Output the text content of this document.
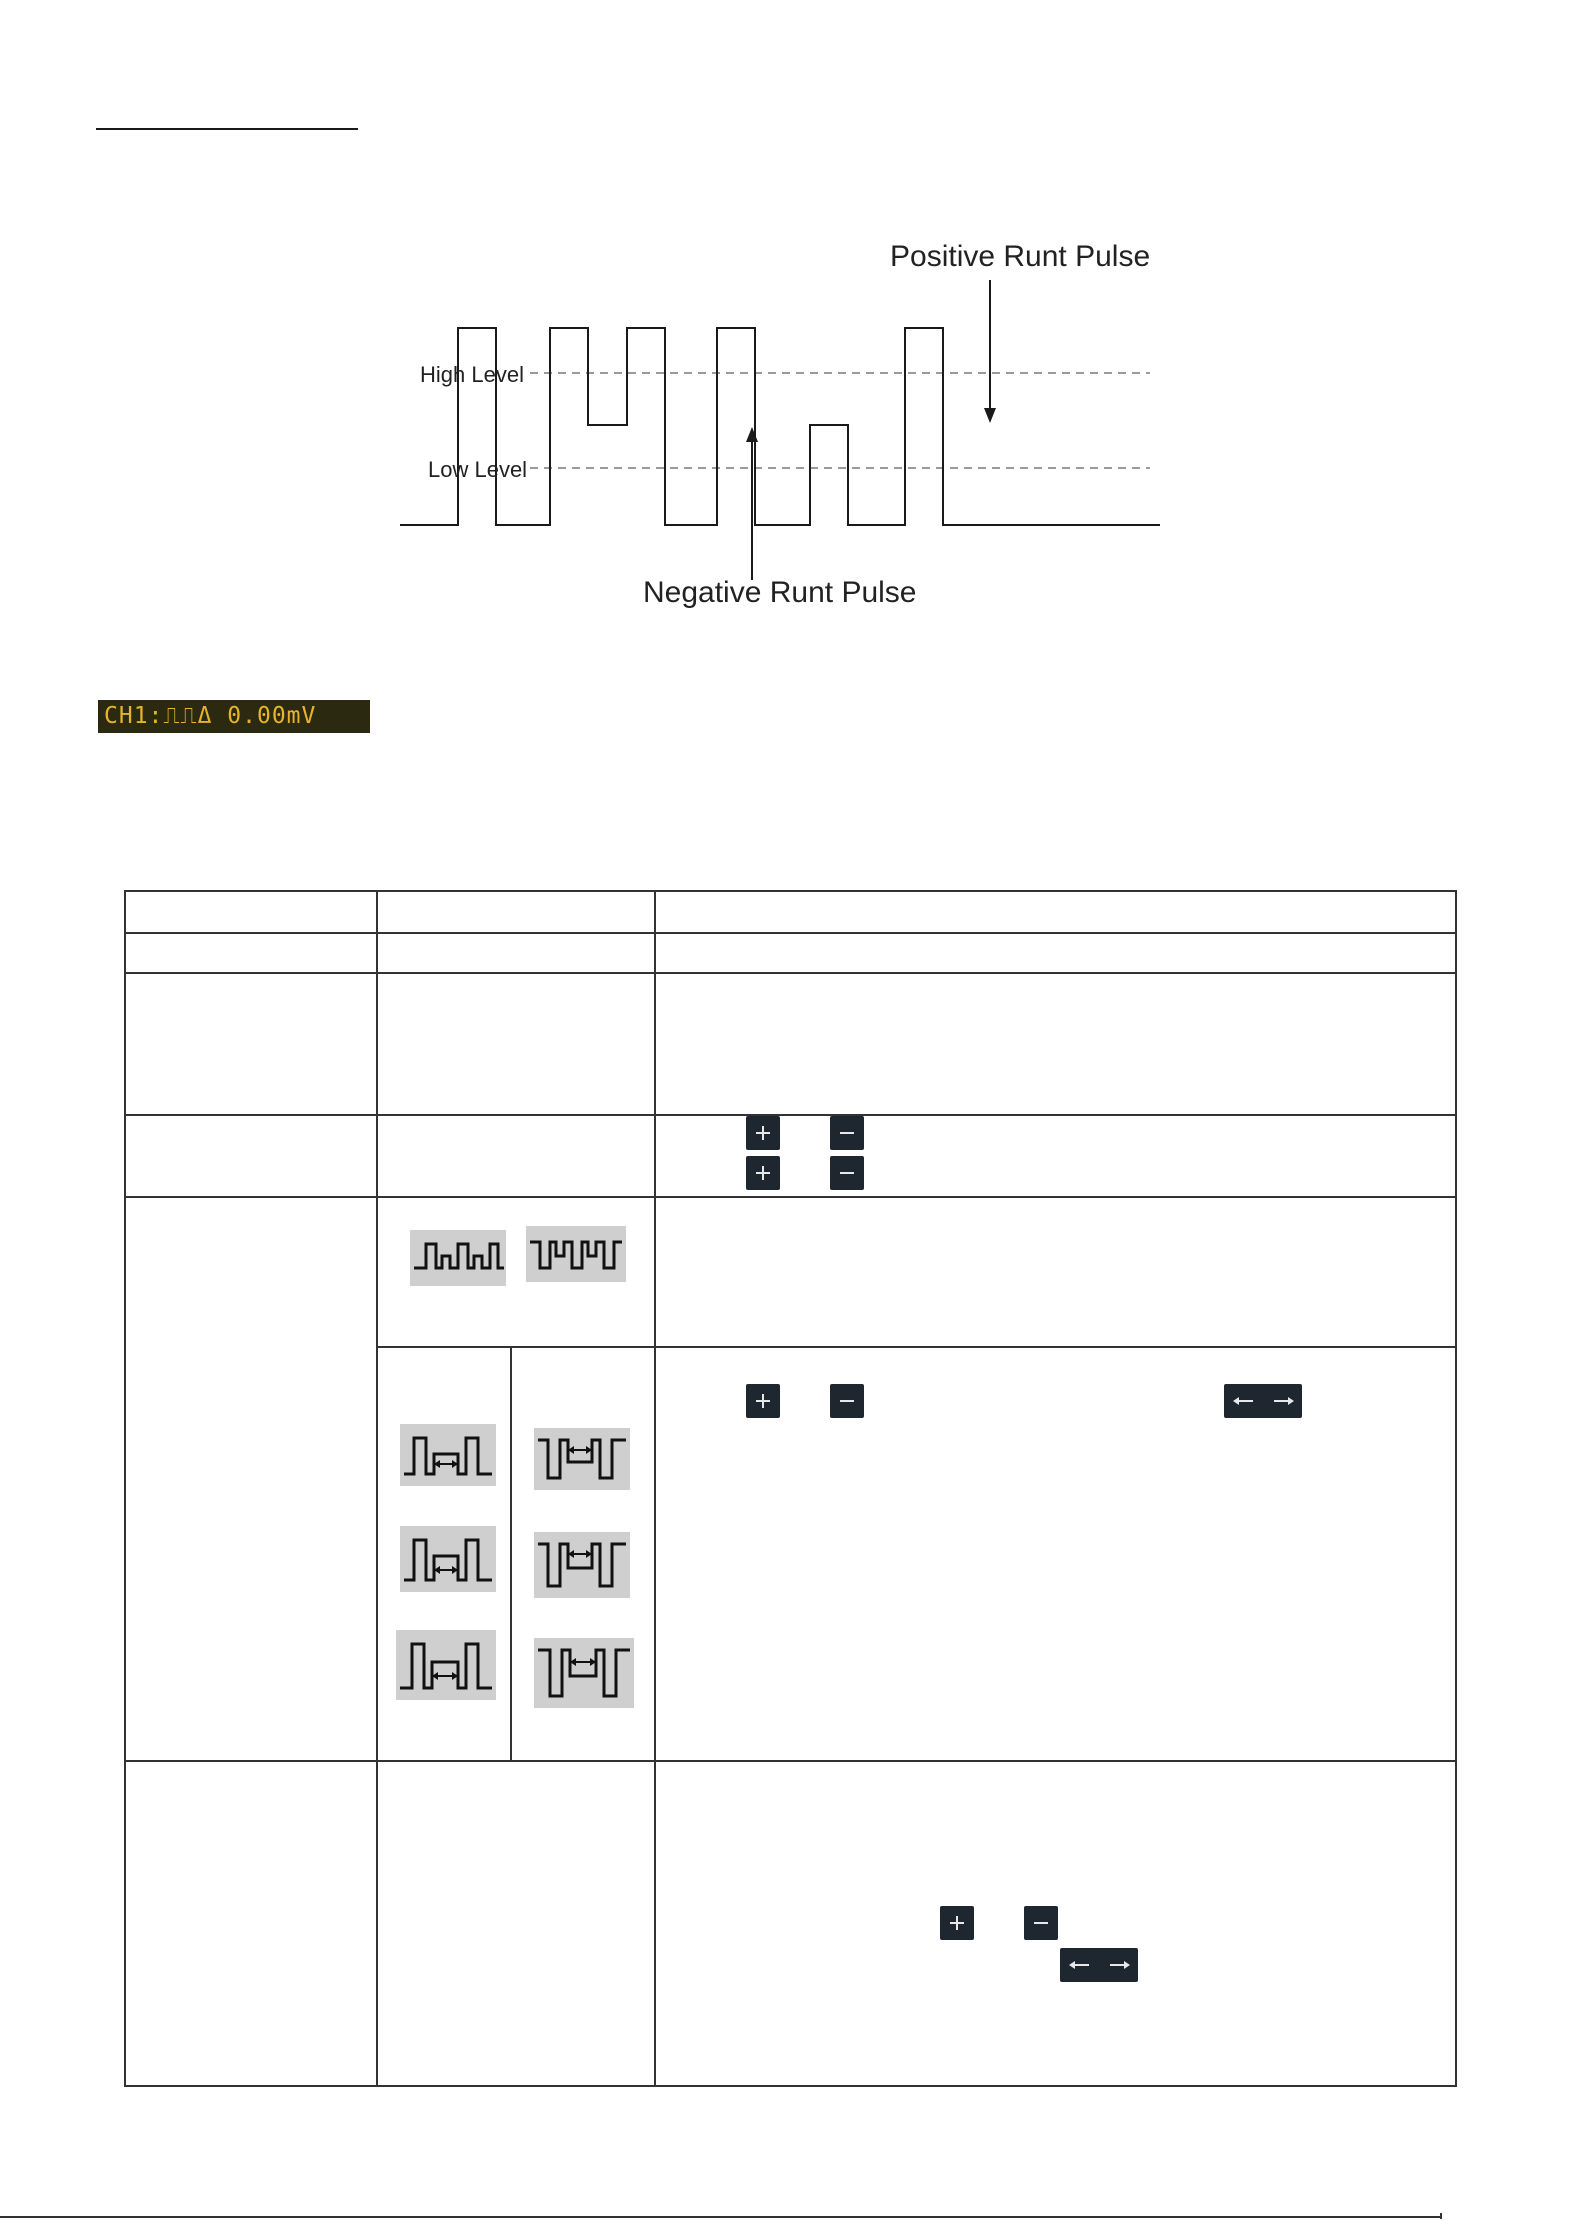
Positive Runt Pulse
Negative Runt Pulse
High Level
Low Level
CH1:⎍⎍Δ 0.00mV
